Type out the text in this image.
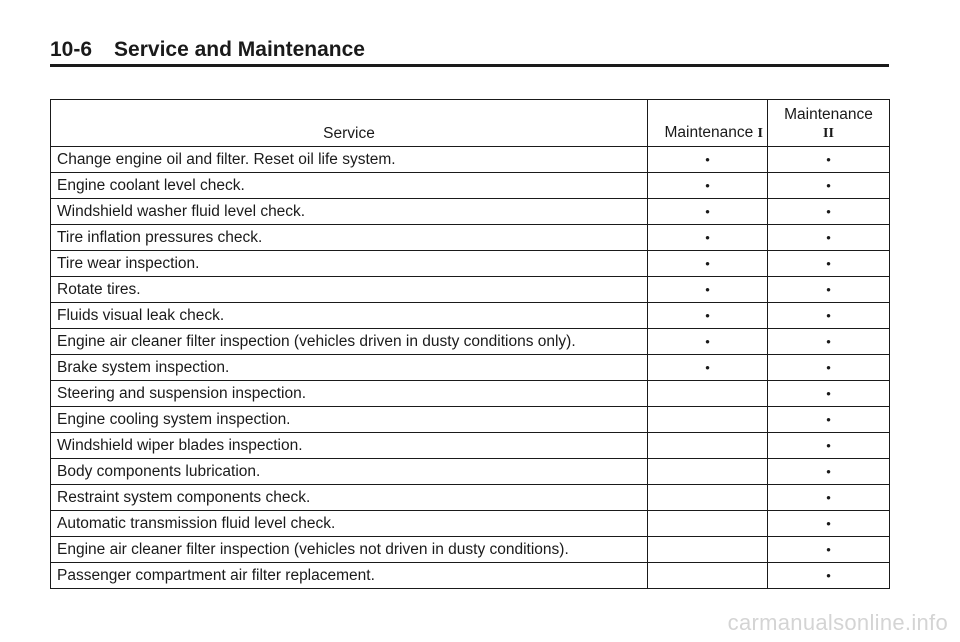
10-6 Service and Maintenance
Service	Maintenance I	Maintenance
II
Change engine oil and filter. Reset oil life system.	•	•
Engine coolant level check.	•	•
Windshield washer fluid level check.	•	•
Tire inflation pressures check.	•	•
Tire wear inspection.	•	•
Rotate tires.	•	•
Fluids visual leak check.	•	•
Engine air cleaner filter inspection (vehicles driven in dusty conditions only).	•	•
Brake system inspection.	•	•
Steering and suspension inspection.		•
Engine cooling system inspection.		•
Windshield wiper blades inspection.		•
Body components lubrication.		•
Restraint system components check.		•
Automatic transmission fluid level check.		•
Engine air cleaner filter inspection (vehicles not driven in dusty conditions).		•
Passenger compartment air filter replacement.		•
carmanualsonline.info
